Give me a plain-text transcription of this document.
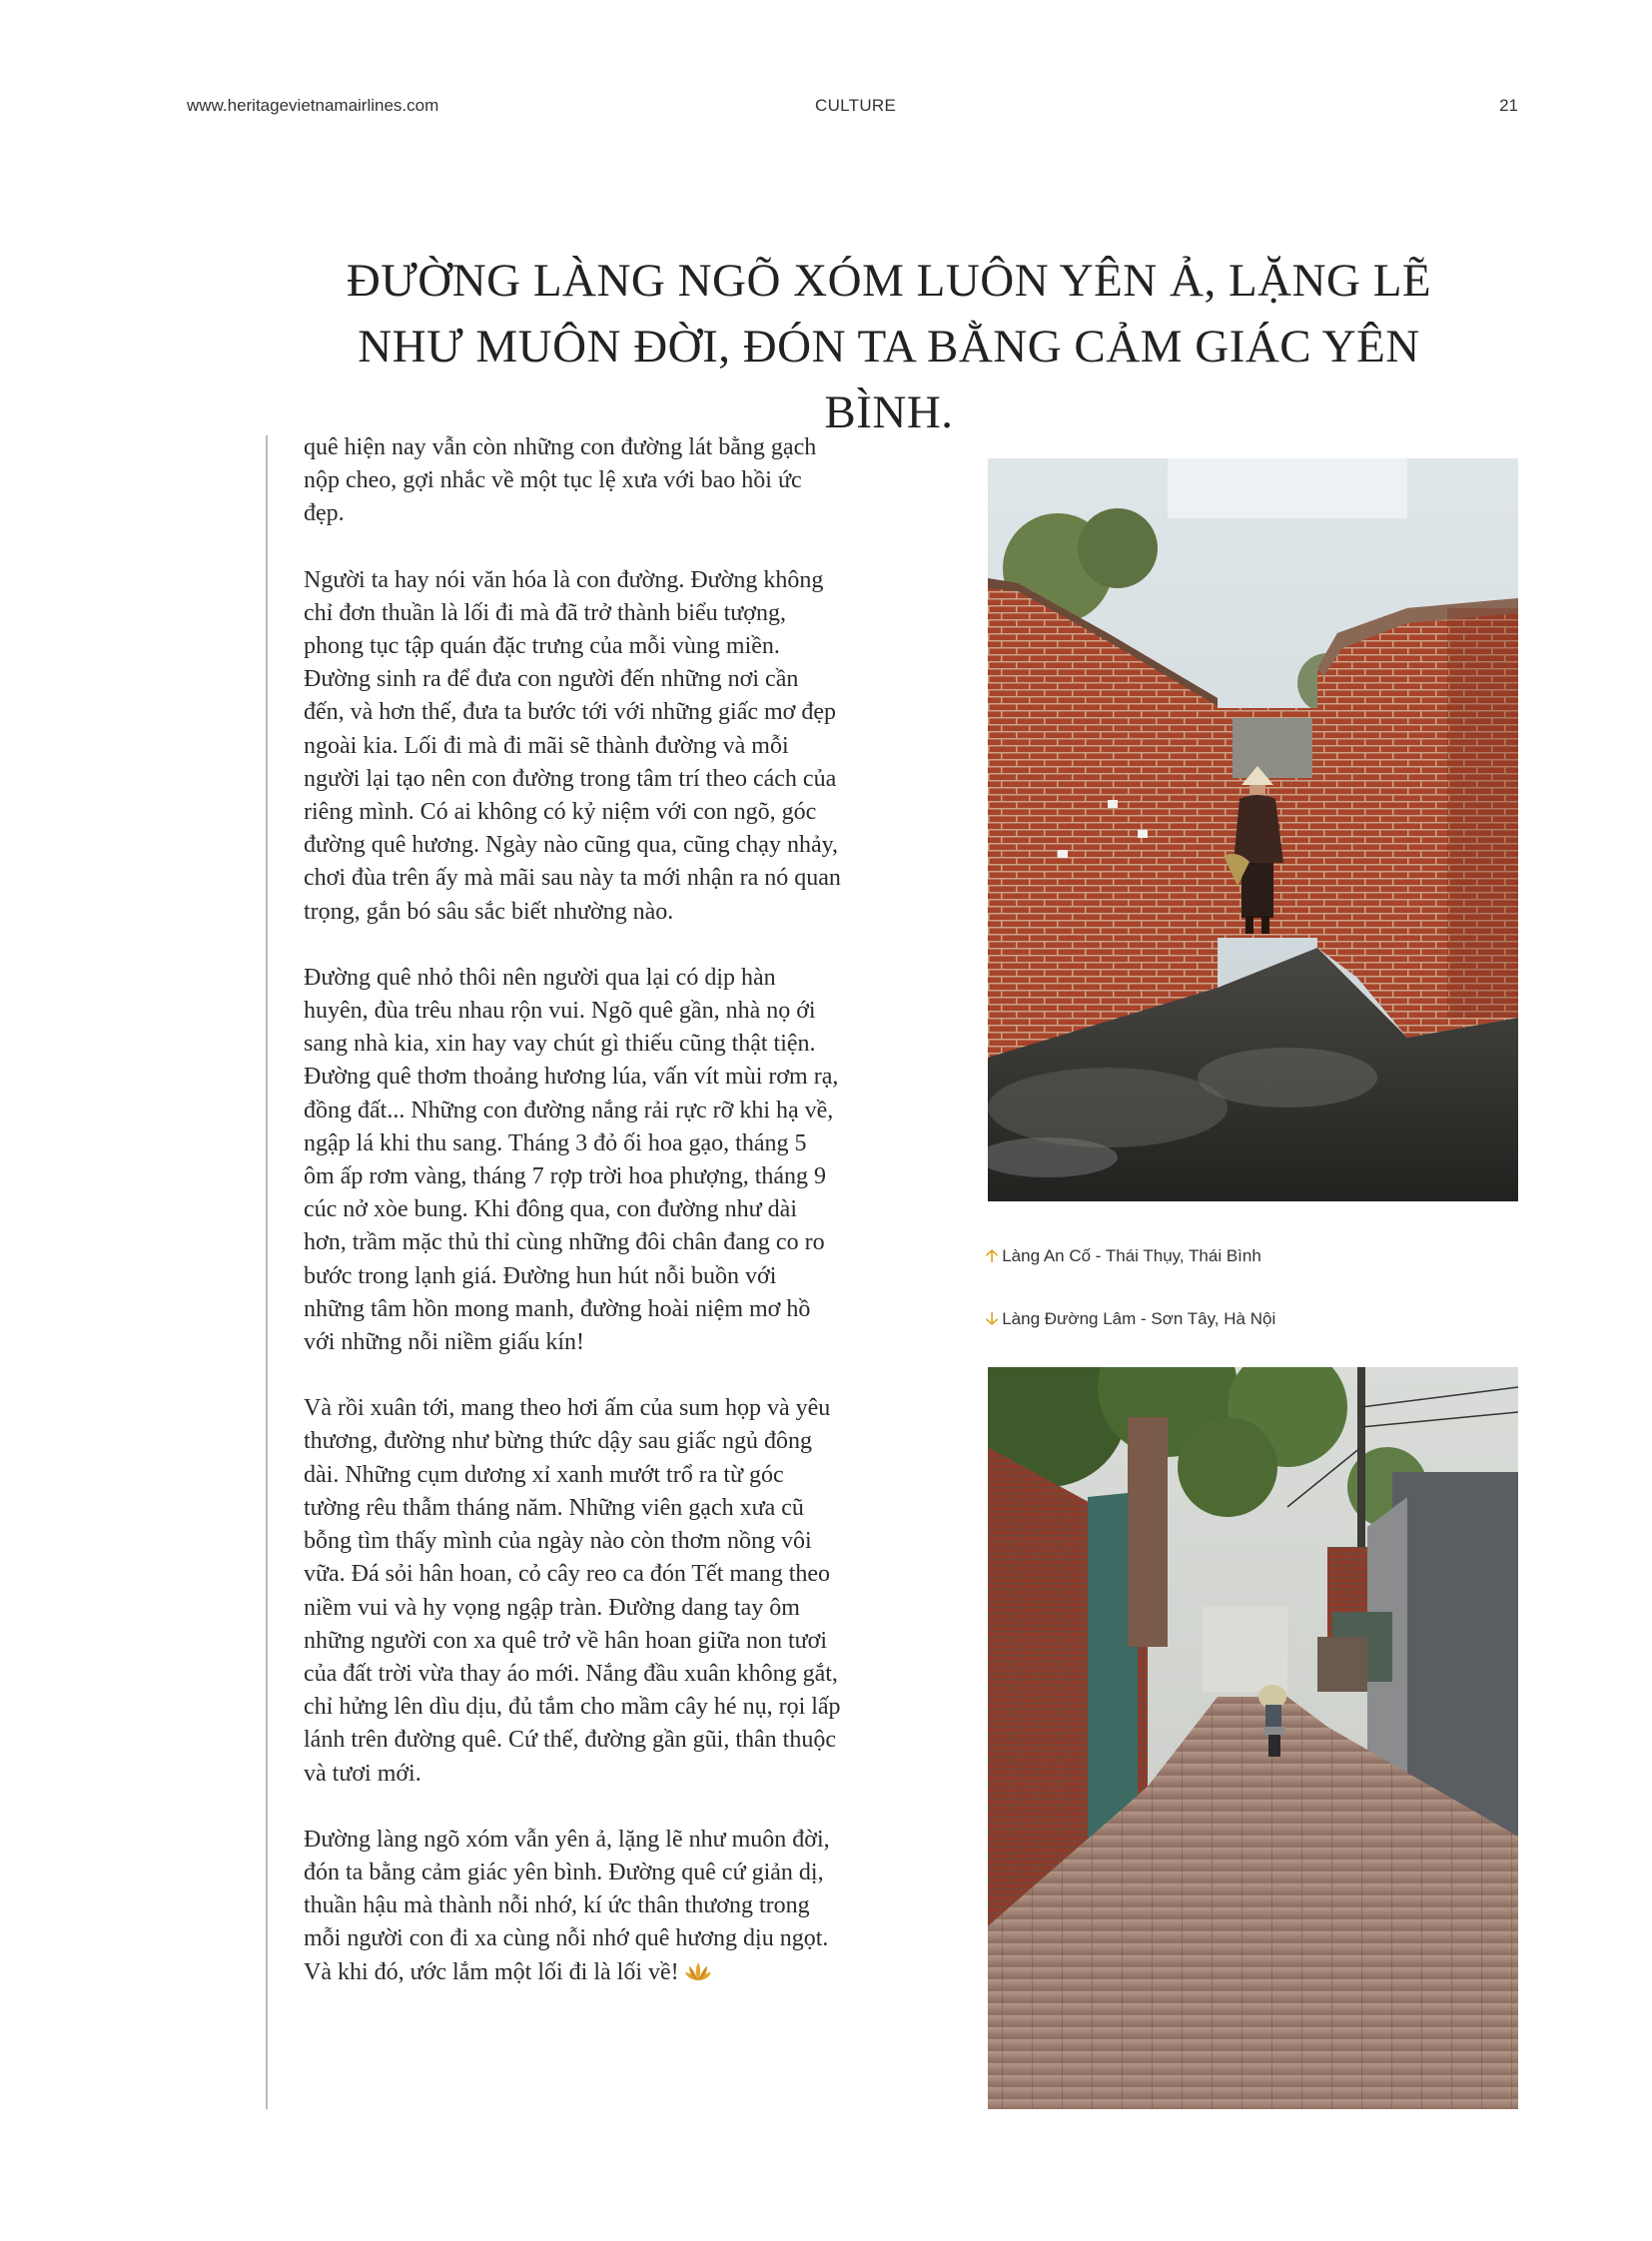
www.heritagevietnamairlines.com	CULTURE	21
ĐƯỜNG LÀNG NGÕ XÓM LUÔN YÊN Ả, LẶNG LẼ
NHƯ MUÔN ĐỜI, ĐÓN TA BẰNG CẢM GIÁC YÊN BÌNH.

quê hiện nay vẫn còn những con đường lát bằng gạch nộp cheo, gợi nhắc về một tục lệ xưa với bao hồi ức đẹp.

Người ta hay nói văn hóa là con đường. Đường không chỉ đơn thuần là lối đi mà đã trở thành biểu tượng, phong tục tập quán đặc trưng của mỗi vùng miền. Đường sinh ra để đưa con người đến những nơi cần đến, và hơn thế, đưa ta bước tới với những giấc mơ đẹp ngoài kia. Lối đi mà đi mãi sẽ thành đường và mỗi người lại tạo nên con đường trong tâm trí theo cách của riêng mình. Có ai không có kỷ niệm với con ngõ, góc đường quê hương. Ngày nào cũng qua, cũng chạy nhảy, chơi đùa trên ấy mà mãi sau này ta mới nhận ra nó quan trọng, gắn bó sâu sắc biết nhường nào.

Đường quê nhỏ thôi nên người qua lại có dịp hàn huyên, đùa trêu nhau rộn vui. Ngõ quê gần, nhà nọ ới sang nhà kia, xin hay vay chút gì thiếu cũng thật tiện. Đường quê thơm thoảng hương lúa, vấn vít mùi rơm rạ, đồng đất... Những con đường nắng rải rực rỡ khi hạ về, ngập lá khi thu sang. Tháng 3 đỏ ối hoa gạo, tháng 5 ôm ấp rơm vàng, tháng 7 rợp trời hoa phượng, tháng 9 cúc nở xòe bung. Khi đông qua, con đường như dài hơn, trầm mặc thủ thỉ cùng những đôi chân đang co ro bước trong lạnh giá. Đường hun hút nỗi buồn với những tâm hồn mong manh, đường hoài niệm mơ hồ với những nỗi niềm giấu kín!

Và rồi xuân tới, mang theo hơi ấm của sum họp và yêu thương, đường như bừng thức dậy sau giấc ngủ đông dài. Những cụm dương xỉ xanh mướt trổ ra từ góc tường rêu thẫm tháng năm. Những viên gạch xưa cũ bỗng tìm thấy mình của ngày nào còn thơm nồng vôi vữa. Đá sỏi hân hoan, cỏ cây reo ca đón Tết mang theo niềm vui và hy vọng ngập tràn. Đường dang tay ôm những người con xa quê trở về hân hoan giữa non tươi của đất trời vừa thay áo mới. Nắng đầu xuân không gắt, chỉ hửng lên dìu dịu, đủ tắm cho mầm cây hé nụ, rọi lấp lánh trên đường quê. Cứ thế, đường gần gũi, thân thuộc và tươi mới.

Đường làng ngõ xóm vẫn yên ả, lặng lẽ như muôn đời, đón ta bằng cảm giác yên bình. Đường quê cứ giản dị, thuần hậu mà thành nỗi nhớ, kí ức thân thương trong mỗi người con đi xa cùng nỗi nhớ quê hương dịu ngọt. Và khi đó, ước lắm một lối đi là lối về!

🡡 Làng An Cố - Thái Thụy, Thái Bình
🡣 Làng Đường Lâm - Sơn Tây, Hà Nội
